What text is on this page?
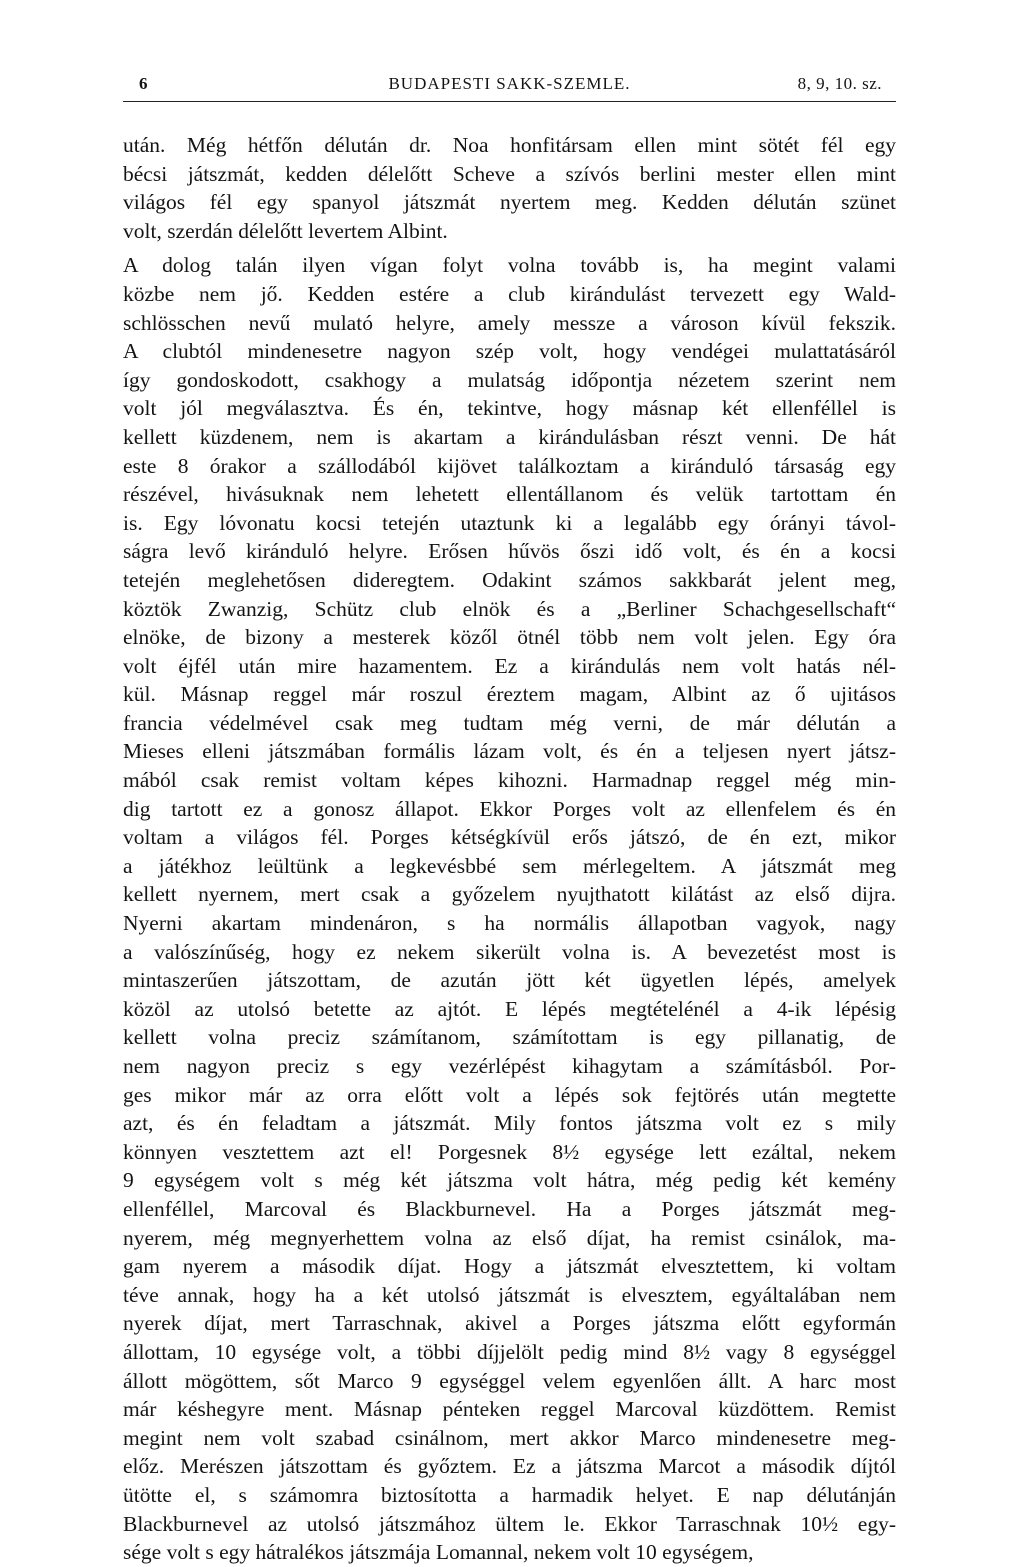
6	BUDAPESTI SAKK-SZEMLE.	8, 9, 10. sz.
után. Még hétfőn délután dr. Noa honfitársam ellen mint sötét fél egy
bécsi játszmát, kedden délelőtt Scheve a szívós berlini mester ellen mint
világos fél egy spanyol játszmát nyertem meg. Kedden délután szünet
volt, szerdán délelőtt levertem Albint.
A dolog talán ilyen vígan folyt volna tovább is, ha megint valami
közbe nem jő. Kedden estére a club kirándulást tervezett egy Wald-
schlösschen nevű mulató helyre, amely messze a városon kívül fekszik.
A clubtól mindenesetre nagyon szép volt, hogy vendégei mulattatásáról
így gondoskodott, csakhogy a mulatság időpontja nézetem szerint nem
volt jól megválasztva. És én, tekintve, hogy másnap két ellenféllel is
kellett küzdenem, nem is akartam a kirándulásban részt venni. De hát
este 8 órakor a szállodából kijövet találkoztam a kiránduló társaság egy
részével, hivásuknak nem lehetett ellentállanom és velük tartottam én
is. Egy lóvonatu kocsi tetején utaztunk ki a legalább egy órányi távol-
ságra levő kiránduló helyre. Erősen hűvös őszi idő volt, és én a kocsi
tetején meglehetősen dideregtem. Odakint számos sakkbarát jelent meg,
köztök Zwanzig, Schütz club elnök és a „Berliner Schachgesellschaft“
elnöke, de bizony a mesterek közől ötnél több nem volt jelen. Egy óra
volt éjfél után mire hazamentem. Ez a kirándulás nem volt hatás nél-
kül. Másnap reggel már roszul éreztem magam, Albint az ő ujitásos
francia védelmével csak meg tudtam még verni, de már délután a
Mieses elleni játszmában formális lázam volt, és én a teljesen nyert játsz-
mából csak remist voltam képes kihozni. Harmadnap reggel még min-
dig tartott ez a gonosz állapot. Ekkor Porges volt az ellenfelem és én
voltam a világos fél. Porges kétségkívül erős játszó, de én ezt, mikor
a játékhoz leültünk a legkevésbbé sem mérlegeltem. A játszmát meg
kellett nyernem, mert csak a győzelem nyujthatott kilátást az első dijra.
Nyerni akartam mindenáron, s ha normális állapotban vagyok, nagy
a valószínűség, hogy ez nekem sikerült volna is. A bevezetést most is
mintaszerűen játszottam, de azután jött két ügyetlen lépés, amelyek
közöl az utolsó betette az ajtót. E lépés megtételénél a 4-ik lépésig
kellett volna preciz számítanom, számítottam is egy pillanatig, de
nem nagyon preciz s egy vezérlépést kihagytam a számításból. Por-
ges mikor már az orra előtt volt a lépés sok fejtörés után megtette
azt, és én feladtam a játszmát. Mily fontos játszma volt ez s mily
könnyen vesztettem azt el! Porgesnek 8½ egysége lett ezáltal, nekem
9 egységem volt s még két játszma volt hátra, még pedig két kemény
ellenféllel, Marcoval és Blackburnevel. Ha a Porges játszmát meg-
nyerem, még megnyerhettem volna az első díjat, ha remist csinálok, ma-
gam nyerem a második díjat. Hogy a játszmát elvesztettem, ki voltam
téve annak, hogy ha a két utolsó játszmát is elvesztem, egyáltalában nem
nyerek díjat, mert Tarraschnak, akivel a Porges játszma előtt egyformán
állottam, 10 egysége volt, a többi díjjelölt pedig mind 8½ vagy 8 egységgel
állott mögöttem, sőt Marco 9 egységgel velem egyenlően állt. A harc most
már késhegyre ment. Másnap pénteken reggel Marcoval küzdöttem. Remist
megint nem volt szabad csinálnom, mert akkor Marco mindenesetre meg-
előz. Merészen játszottam és győztem. Ez a játszma Marcot a második díjtól
ütötte el, s számomra biztosította a harmadik helyet. E nap délutánján
Blackburnevel az utolsó játszmához ültem le. Ekkor Tarraschnak 10½ egy-
sége volt s egy hátralékos játszmája Lomannal, nekem volt 10 egységem,
